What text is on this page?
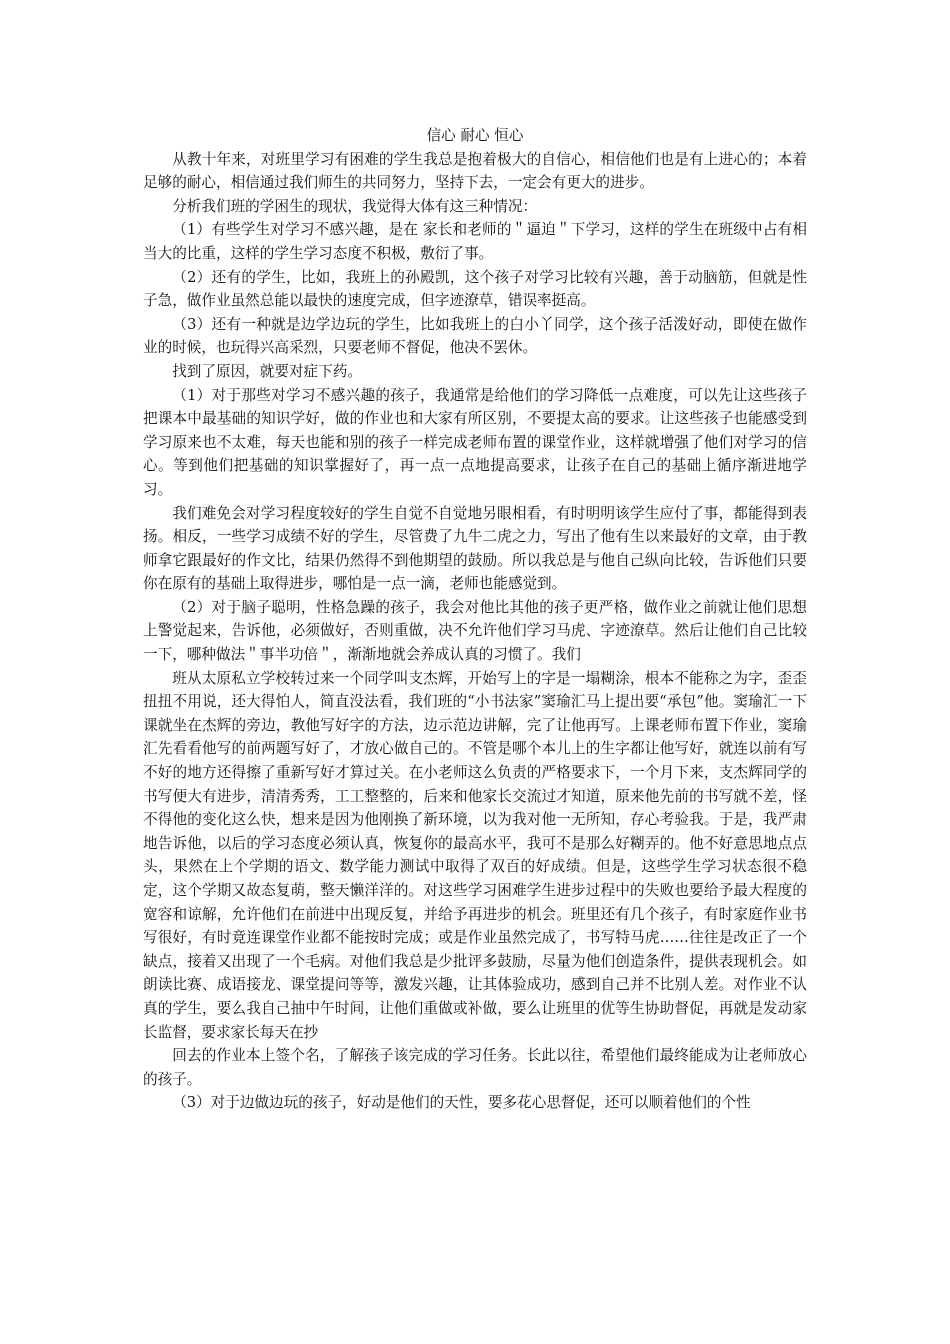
信心 耐心 恒心

从教十年来，对班里学习有困难的学生我总是抱着极大的自信心，相信他们也是有上进心的；本着足够的耐心，相信通过我们师生的共同努力，坚持下去，一定会有更大的进步。

分析我们班的学困生的现状，我觉得大体有这三种情况：

（1）有些学生对学习不感兴趣，是在 家长和老师的＂逼迫＂下学习，这样的学生在班级中占有相当大的比重，这样的学生学习态度不积极，敷衍了事。

（2）还有的学生，比如，我班上的孙殿凯，这个孩子对学习比较有兴趣，善于动脑筋，但就是性子急，做作业虽然总能以最快的速度完成，但字迹潦草，错误率挺高。

（3）还有一种就是边学边玩的学生，比如我班上的白小丫同学，这个孩子活泼好动，即使在做作业的时候，也玩得兴高采烈，只要老师不督促，他决不罢休。

找到了原因，就要对症下药。

（1）对于那些对学习不感兴趣的孩子，我通常是给他们的学习降低一点难度，可以先让这些孩子把课本中最基础的知识学好，做的作业也和大家有所区别，不要提太高的要求。让这些孩子也能感受到学习原来也不太难，每天也能和别的孩子一样完成老师布置的课堂作业，这样就增强了他们对学习的信心。等到他们把基础的知识掌握好了，再一点一点地提高要求，让孩子在自己的基础上循序渐进地学习。

我们难免会对学习程度较好的学生自觉不自觉地另眼相看，有时明明该学生应付了事，都能得到表扬。相反，一些学习成绩不好的学生，尽管费了九牛二虎之力，写出了他有生以来最好的文章，由于教师拿它跟最好的作文比，结果仍然得不到他期望的鼓励。所以我总是与他自己纵向比较，告诉他们只要你在原有的基础上取得进步，哪怕是一点一滴，老师也能感觉到。

（2）对于脑子聪明，性格急躁的孩子，我会对他比其他的孩子更严格，做作业之前就让他们思想上警觉起来，告诉他，必须做好，否则重做，决不允许他们学习马虎、字迹潦草。然后让他们自己比较一下，哪种做法＂事半功倍＂，渐渐地就会养成认真的习惯了。我们

班从太原私立学校转过来一个同学叫支杰辉，开始写上的字是一塌糊涂，根本不能称之为字，歪歪扭扭不用说，还大得怕人，简直没法看，我们班的“小书法家”窦瑜汇马上提出要“承包”他。窦瑜汇一下课就坐在杰辉的旁边，教他写好字的方法，边示范边讲解，完了让他再写。上课老师布置下作业，窦瑜汇先看看他写的前两题写好了，才放心做自己的。不管是哪个本儿上的生字都让他写好，就连以前有写不好的地方还得擦了重新写好才算过关。在小老师这么负责的严格要求下，一个月下来，支杰辉同学的书写便大有进步，清清秀秀，工工整整的，后来和他家长交流过才知道，原来他先前的书写就不差，怪不得他的变化这么快，想来是因为他刚换了新环境，以为我对他一无所知，存心考验我。于是，我严肃地告诉他，以后的学习态度必须认真，恢复你的最高水平，我可不是那么好糊弄的。他不好意思地点点头，果然在上个学期的语文、数学能力测试中取得了双百的好成绩。但是，这些学生学习状态很不稳定，这个学期又故态复萌，整天懒洋洋的。对这些学习困难学生进步过程中的失败也要给予最大程度的宽容和谅解，允许他们在前进中出现反复，并给予再进步的机会。班里还有几个孩子，有时家庭作业书写很好，有时竟连课堂作业都不能按时完成；或是作业虽然完成了，书写特马虎……往往是改正了一个缺点，接着又出现了一个毛病。对他们我总是少批评多鼓励，尽量为他们创造条件，提供表现机会。如朗读比赛、成语接龙、课堂提问等等，激发兴趣，让其体验成功，感到自己并不比别人差。对作业不认真的学生，要么我自己抽中午时间，让他们重做或补做，要么让班里的优等生协助督促，再就是发动家长监督，要求家长每天在抄

回去的作业本上签个名，了解孩子该完成的学习任务。长此以往，希望他们最终能成为让老师放心的孩子。

（3）对于边做边玩的孩子，好动是他们的天性，要多花心思督促，还可以顺着他们的个性
